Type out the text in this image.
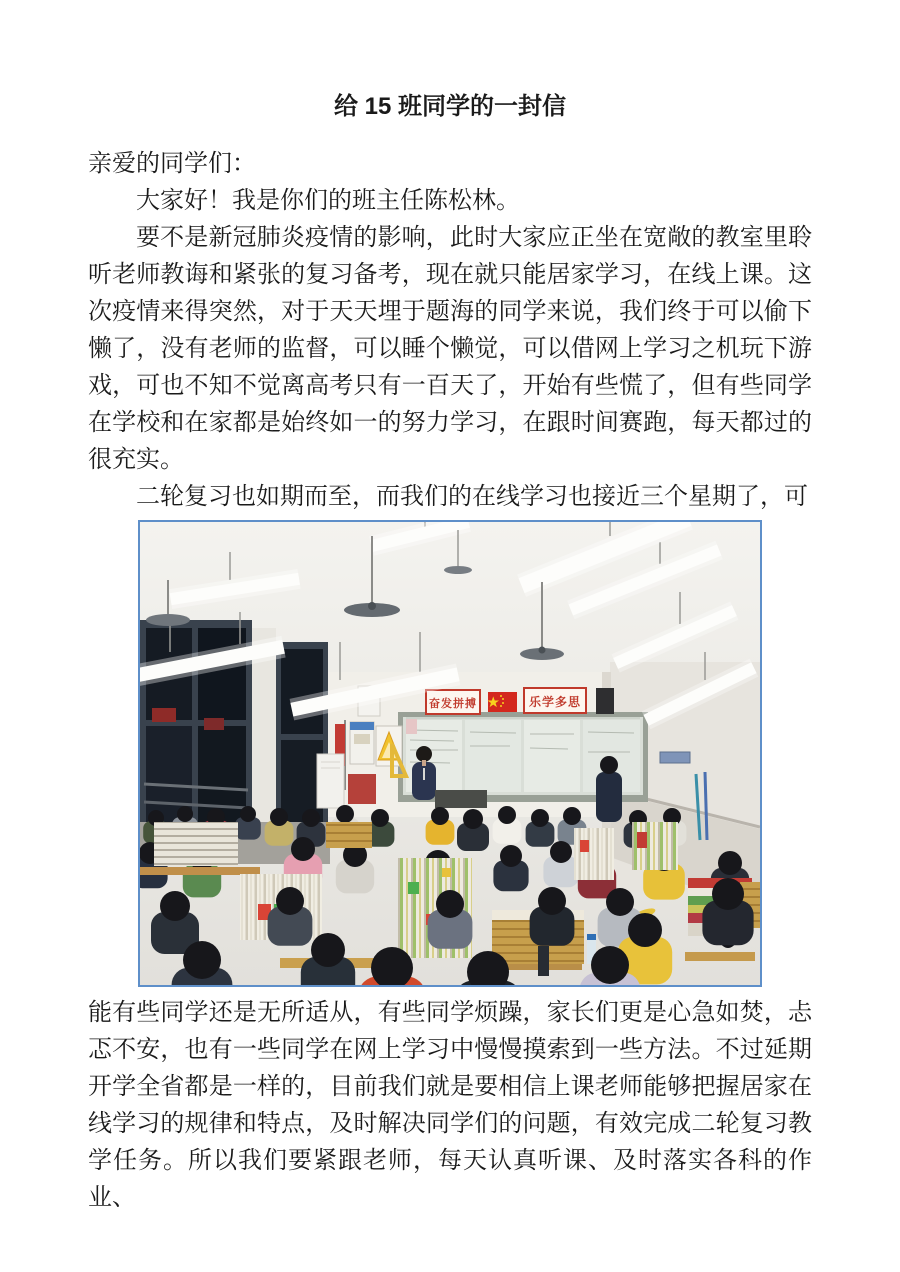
给 15 班同学的一封信

亲爱的同学们：

大家好！我是你们的班主任陈松林。

要不是新冠肺炎疫情的影响，此时大家应正坐在宽敞的教室里聆听老师教诲和紧张的复习备考，现在就只能居家学习，在线上课。这次疫情来得突然，对于天天埋于题海的同学来说，我们终于可以偷下懒了，没有老师的监督，可以睡个懒觉，可以借网上学习之机玩下游戏，可也不知不觉离高考只有一百天了，开始有些慌了，但有些同学在学校和在家都是始终如一的努力学习，在跟时间赛跑，每天都过的很充实。

二轮复习也如期而至，而我们的在线学习也接近三个星期了，可

奋发拼搏	乐学多思

能有些同学还是无所适从，有些同学烦躁，家长们更是心急如焚，忐忑不安，也有一些同学在网上学习中慢慢摸索到一些方法。不过延期开学全省都是一样的，目前我们就是要相信上课老师能够把握居家在线学习的规律和特点，及时解决同学们的问题，有效完成二轮复习教学任务。所以我们要紧跟老师，每天认真听课、及时落实各科的作业、
